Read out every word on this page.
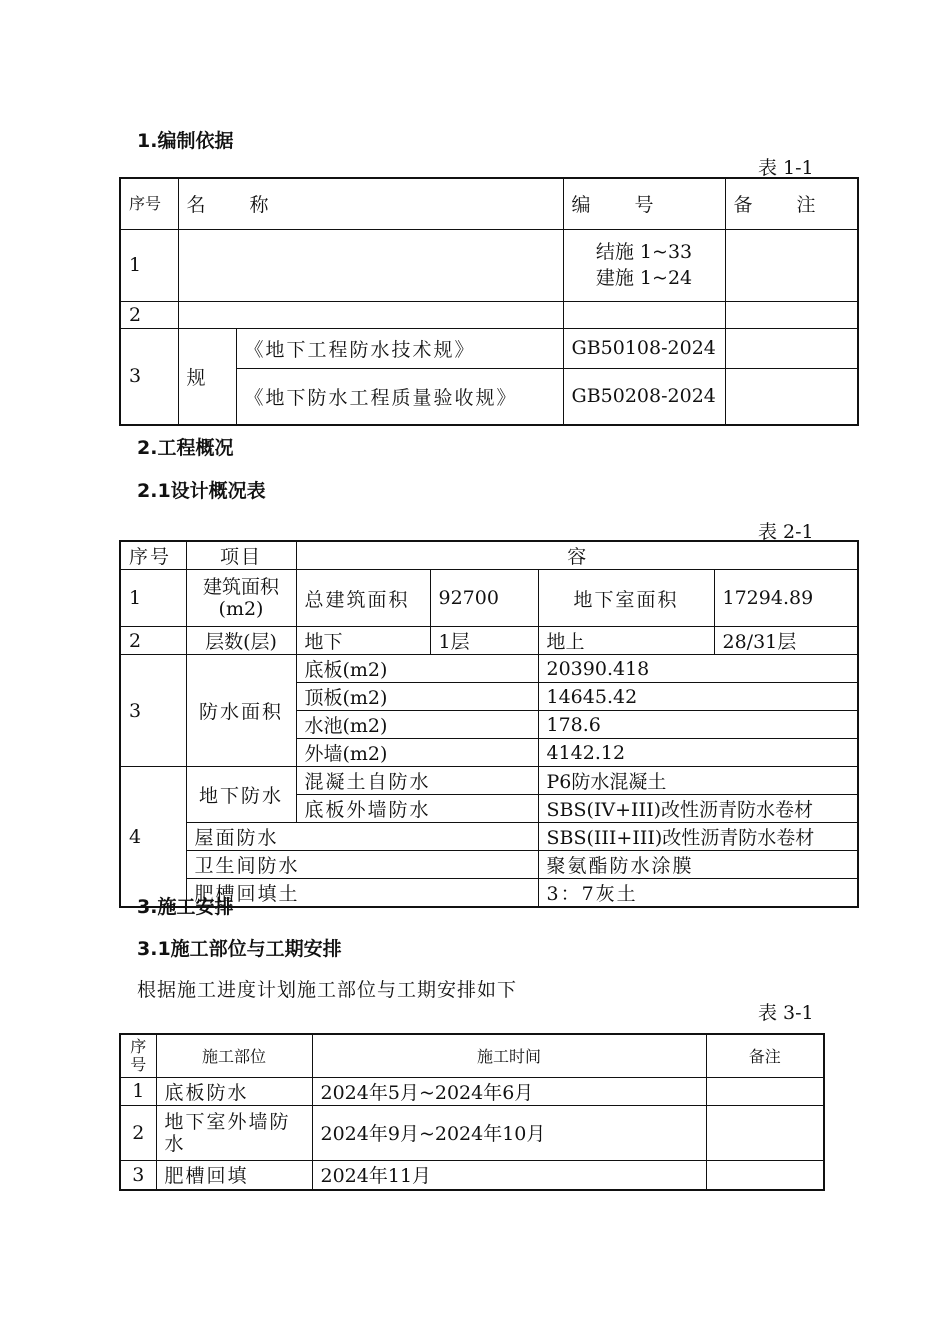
1.编制依据
表 1-1
序号	名　　称		编　　号	备　　注
1			结施 1~33
建施 1~24	

2				
3	规	《地下工程防水技术规》	GB50108-2024	
		《地下防水工程质量验收规》	GB50208-2024	
2.工程概况
2.1设计概况表
表 2-1
序号	项目	容			
1	建筑面积(m2)	总建筑面积	92700	地下室面积	17294.89
2	层数(层)	地下	1层	地上	28/31层
3	防水面积	底板(m2)		20390.418	
		顶板(m2)		14645.42	
		水池(m2)		178.6	
		外墙(m2)		4142.12	
4	地下防水	混凝土自防水		P6防水混凝土	
		底板外墙防水		SBS(IV+III)改性沥青防水卷材	
	屋面防水			SBS(III+III)改性沥青防水卷材	
	卫生间防水			聚氨酯防水涂膜	
	肥槽回填土			3：7灰土	
3.施工安排
3.1施工部位与工期安排
根据施工进度计划施工部位与工期安排如下
表 3-1
序号	施工部位	施工时间	备注
1	底板防水	2024年5月~2024年6月	
2	地下室外墙防水	2024年9月~2024年10月	
3	肥槽回填	2024年11月	
